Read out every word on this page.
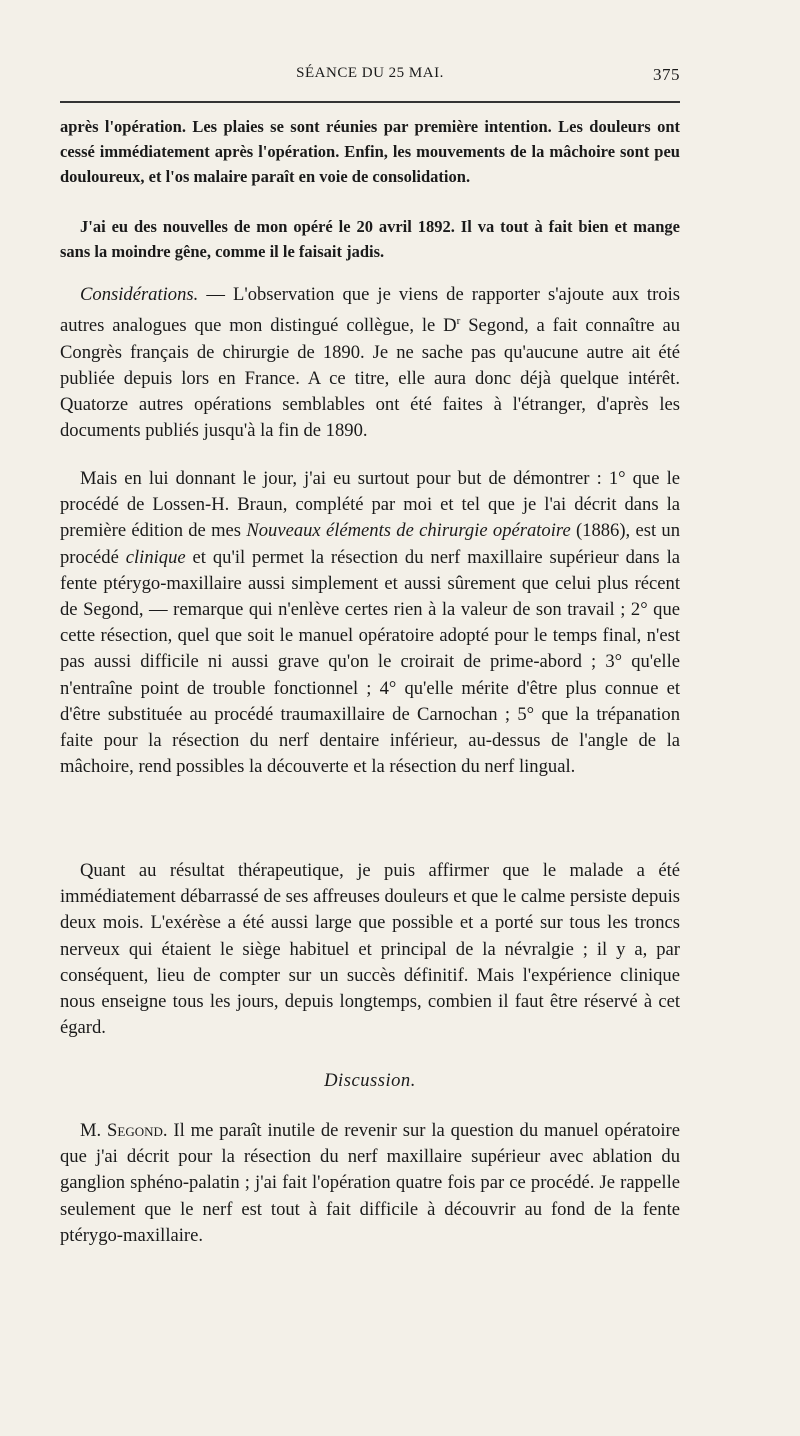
SÉANCE DU 25 MAI.	375

après l'opération. Les plaies se sont réunies par première intention. Les douleurs ont cessé immédiatement après l'opération. Enfin, les mouvements de la mâchoire sont peu douloureux, et l'os malaire paraît en voie de consolidation.

J'ai eu des nouvelles de mon opéré le 20 avril 1892. Il va tout à fait bien et mange sans la moindre gêne, comme il le faisait jadis.

Considérations. — L'observation que je viens de rapporter s'ajoute aux trois autres analogues que mon distingué collègue, le $D^r$ Segond, a fait connaître au Congrès français de chirurgie de 1890. Je ne sache pas qu'aucune autre ait été publiée depuis lors en France. A ce titre, elle aura donc déjà quelque intérêt. Quatorze autres opérations semblables ont été faites à l'étranger, d'après les documents publiés jusqu'à la fin de 1890.

Mais en lui donnant le jour, j'ai eu surtout pour but de démontrer : 1° que le procédé de Lossen-H. Braun, complété par moi et tel que je l'ai décrit dans la première édition de mes Nouveaux éléments de chirurgie opératoire (1886), est un procédé clinique et qu'il permet la résection du nerf maxillaire supérieur dans la fente ptérygo-maxillaire aussi simplement et aussi sûrement que celui plus récent de Segond, — remarque qui n'enlève certes rien à la valeur de son travail ; 2° que cette résection, quel que soit le manuel opératoire adopté pour le temps final, n'est pas aussi difficile ni aussi grave qu'on le croirait de prime-abord ; 3° qu'elle n'entraîne point de trouble fonctionnel ; 4° qu'elle mérite d'être plus connue et d'être substituée au procédé traumaxillaire de Carnochan ; 5° que la trépanation faite pour la résection du nerf dentaire inférieur, au-dessus de l'angle de la mâchoire, rend possibles la découverte et la résection du nerf lingual.

Quant au résultat thérapeutique, je puis affirmer que le malade a été immédiatement débarrassé de ses affreuses douleurs et que le calme persiste depuis deux mois. L'exérèse a été aussi large que possible et a porté sur tous les troncs nerveux qui étaient le siège habituel et principal de la névralgie ; il y a, par conséquent, lieu de compter sur un succès définitif. Mais l'expérience clinique nous enseigne tous les jours, depuis longtemps, combien il faut être réservé à cet égard.

Discussion.

M. Segond. Il me paraît inutile de revenir sur la question du manuel opératoire que j'ai décrit pour la résection du nerf maxillaire supérieur avec ablation du ganglion sphéno-palatin ; j'ai fait l'opération quatre fois par ce procédé. Je rappelle seulement que le nerf est tout à fait difficile à découvrir au fond de la fente ptérygo-maxillaire.
